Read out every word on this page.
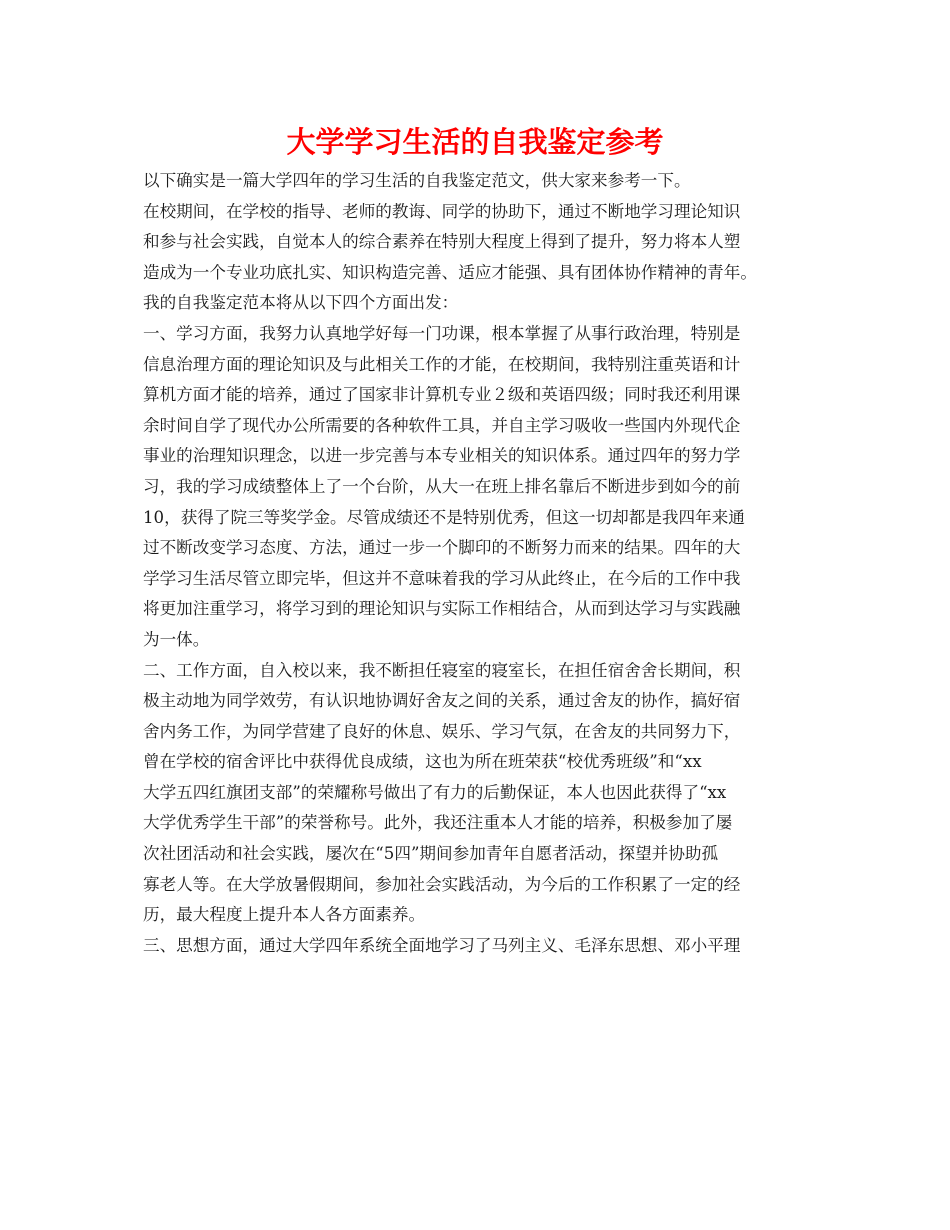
大学学习生活的自我鉴定参考
以下确实是一篇大学四年的学习生活的自我鉴定范文，供大家来参考一下。
在校期间，在学校的指导、老师的教诲、同学的协助下，通过不断地学习理论知识
和参与社会实践，自觉本人的综合素养在特别大程度上得到了提升，努力将本人塑
造成为一个专业功底扎实、知识构造完善、适应才能强、具有团体协作精神的青年。
我的自我鉴定范本将从以下四个方面出发：
一、学习方面，我努力认真地学好每一门功课，根本掌握了从事行政治理，特别是
信息治理方面的理论知识及与此相关工作的才能，在校期间，我特别注重英语和计
算机方面才能的培养，通过了国家非计算机专业２级和英语四级；同时我还利用课
余时间自学了现代办公所需要的各种软件工具，并自主学习吸收一些国内外现代企
事业的治理知识理念，以进一步完善与本专业相关的知识体系。通过四年的努力学
习，我的学习成绩整体上了一个台阶，从大一在班上排名靠后不断进步到如今的前
10，获得了院三等奖学金。尽管成绩还不是特别优秀，但这一切却都是我四年来通
过不断改变学习态度、方法，通过一步一个脚印的不断努力而来的结果。四年的大
学学习生活尽管立即完毕，但这并不意味着我的学习从此终止，在今后的工作中我
将更加注重学习，将学习到的理论知识与实际工作相结合，从而到达学习与实践融
为一体。
二、工作方面，自入校以来，我不断担任寝室的寝室长，在担任宿舍舍长期间，积
极主动地为同学效劳，有认识地协调好舍友之间的关系，通过舍友的协作，搞好宿
舍内务工作，为同学营建了良好的休息、娱乐、学习气氛，在舍友的共同努力下，
曾在学校的宿舍评比中获得优良成绩，这也为所在班荣获“校优秀班级”和“xx
大学五四红旗团支部”的荣耀称号做出了有力的后勤保证，本人也因此获得了“xx
大学优秀学生干部”的荣誉称号。此外，我还注重本人才能的培养，积极参加了屡
次社团活动和社会实践，屡次在“5四”期间参加青年自愿者活动，探望并协助孤
寡老人等。在大学放暑假期间，参加社会实践活动，为今后的工作积累了一定的经
历，最大程度上提升本人各方面素养。
三、思想方面，通过大学四年系统全面地学习了马列主义、毛泽东思想、邓小平理
